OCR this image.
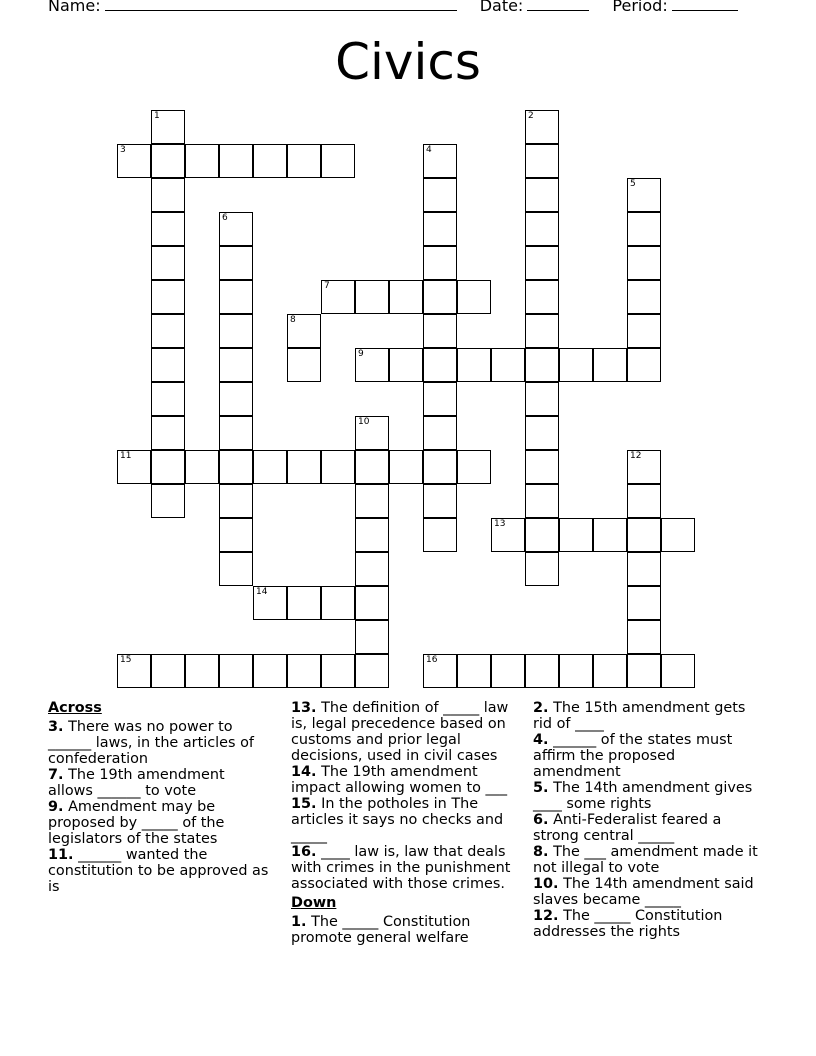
Name:	Date:	Period:
Civics
1	2
3	4
5
6
7
8
9
10
11	12
13
14
15	16
Across

3. There was no power to ______ laws, in the articles of confederation

7. The 19th amendment allows ______ to vote

9. Amendment may be proposed by _____ of the legislators of the states

11. ______ wanted the constitution to be approved as is

13. The definition of _____ law is, legal precedence based on customs and prior legal decisions, used in civil cases

14. The 19th amendment impact allowing women to ___

15. In the potholes in The articles it says no checks and _____

16. ____ law is, law that deals with crimes in the punishment associated with those crimes.

Down

1. The _____ Constitution promote general welfare

2. The 15th amendment gets rid of ____

4. ______ of the states must affirm the proposed amendment

5. The 14th amendment gives ____ some rights

6. Anti-Federalist feared a strong central _____

8. The ___ amendment made it not illegal to vote

10. The 14th amendment said slaves became _____

12. The _____ Constitution addresses the rights
